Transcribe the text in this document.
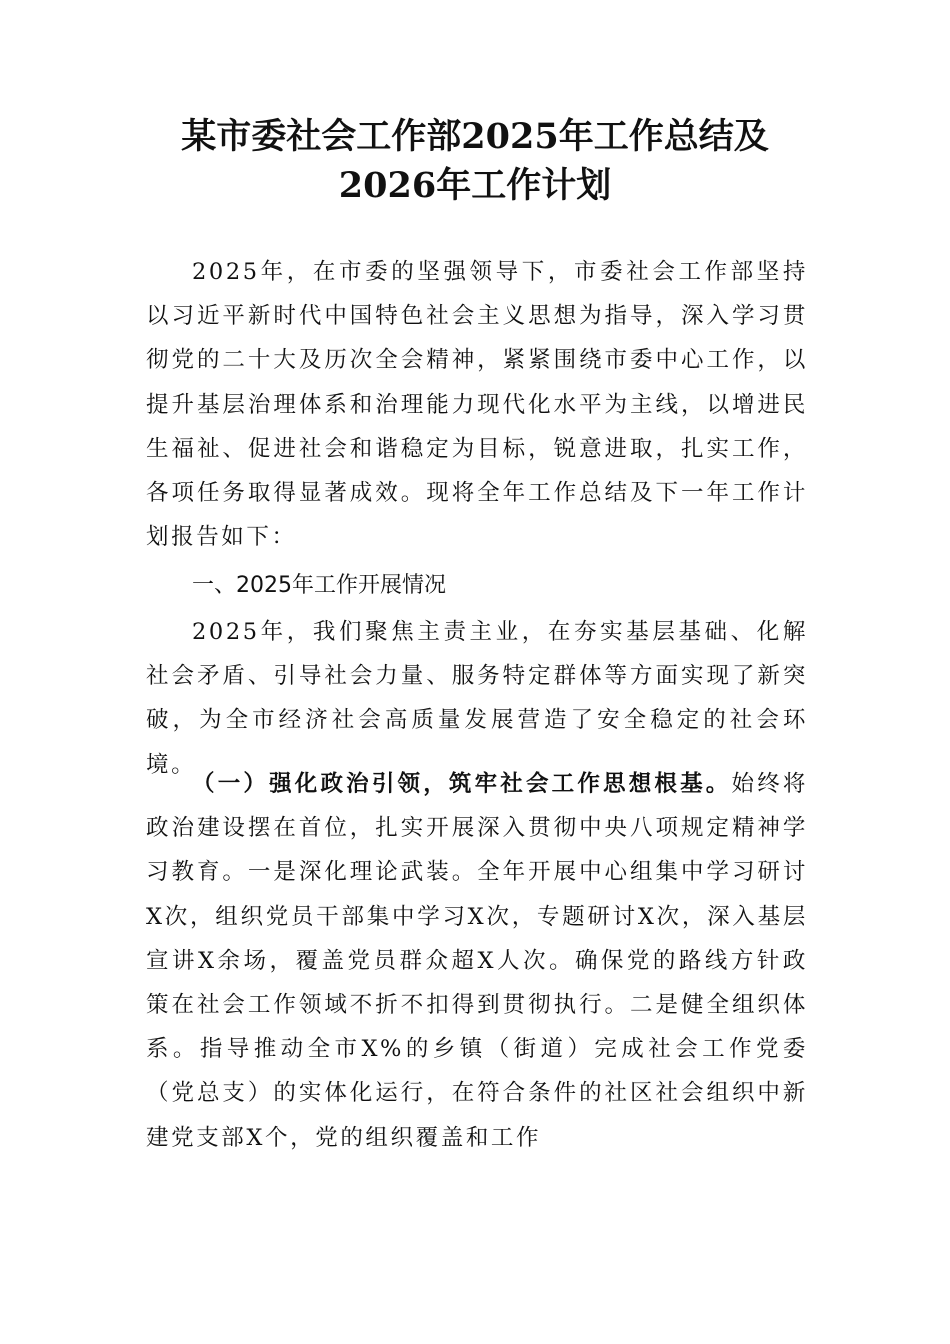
某市委社会工作部2025年工作总结及2026年工作计划

2025年，在市委的坚强领导下，市委社会工作部坚持以习近平新时代中国特色社会主义思想为指导，深入学习贯彻党的二十大及历次全会精神，紧紧围绕市委中心工作，以提升基层治理体系和治理能力现代化水平为主线，以增进民生福祉、促进社会和谐稳定为目标，锐意进取，扎实工作，各项任务取得显著成效。现将全年工作总结及下一年工作计划报告如下：

一、2025年工作开展情况

2025年，我们聚焦主责主业，在夯实基层基础、化解社会矛盾、引导社会力量、服务特定群体等方面实现了新突破，为全市经济社会高质量发展营造了安全稳定的社会环境。

（一）强化政治引领，筑牢社会工作思想根基。始终将政治建设摆在首位，扎实开展深入贯彻中央八项规定精神学习教育。一是深化理论武装。全年开展中心组集中学习研讨X次，组织党员干部集中学习X次，专题研讨X次，深入基层宣讲X余场，覆盖党员群众超X人次。确保党的路线方针政策在社会工作领域不折不扣得到贯彻执行。二是健全组织体系。指导推动全市X%的乡镇（街道）完成社会工作党委（党总支）的实体化运行，在符合条件的社区社会组织中新建党支部X个，党的组织覆盖和工作
